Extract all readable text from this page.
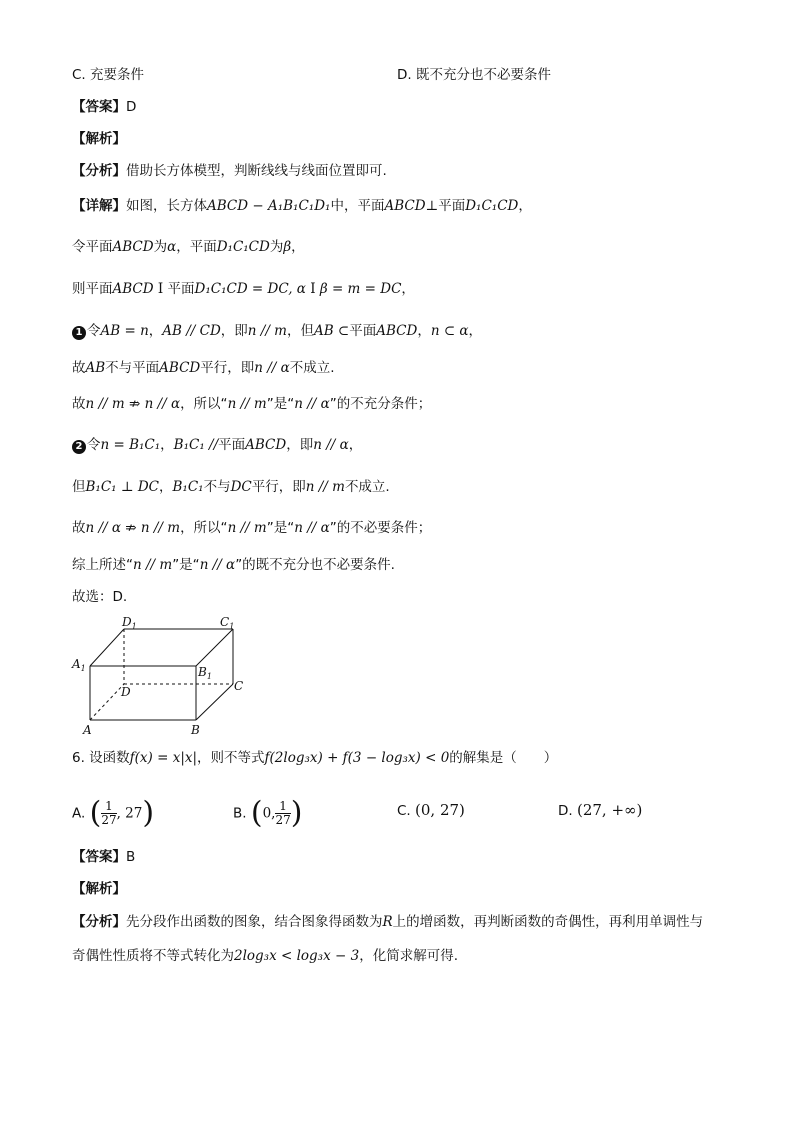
C. 充要条件	D. 既不充分也不必要条件
【答案】D
【解析】
【分析】借助长方体模型，判断线线与线面位置即可.
【详解】如图，长方体ABCD − A₁B₁C₁D₁中，平面ABCD⊥平面D₁C₁CD，
令平面ABCD为α，平面D₁C₁CD为β，
则平面ABCD I 平面D₁C₁CD = DC, α I β = m = DC，
1 令AB = n，AB // CD，即n // m，但AB ⊂平面ABCD，n ⊂ α，
故AB不与平面ABCD平行，即n // α不成立.
故n // m ⇏ n // α，所以“n // m”是“n // α”的不充分条件；
2 令n = B₁C₁，B₁C₁ //平面ABCD，即n // α，
但B₁C₁ ⊥ DC，B₁C₁不与DC平行，即n // m不成立.
故n // α ⇏ n // m，所以“n // m”是“n // α”的不必要条件；
综上所述“n // m”是“n // α”的既不充分也不必要条件.
故选：D.
$D_1$	$C_1$
$A_1$	$B_1$
D	C
A	B
6. 设函数f(x) = x|x|，则不等式f(2log₃x) + f(3 − log₃x) < 0的解集是（　　）
A. ( $\frac{1}{27}$ , 27)	B. (0, $\frac{1}{27}$ )	C. (0, 27)	D. (27, +∞)
【答案】B
【解析】
【分析】先分段作出函数的图象，结合图象得函数为R上的增函数，再判断函数的奇偶性，再利用单调性与
奇偶性性质将不等式转化为2log₃x < log₃x − 3，化简求解可得.
